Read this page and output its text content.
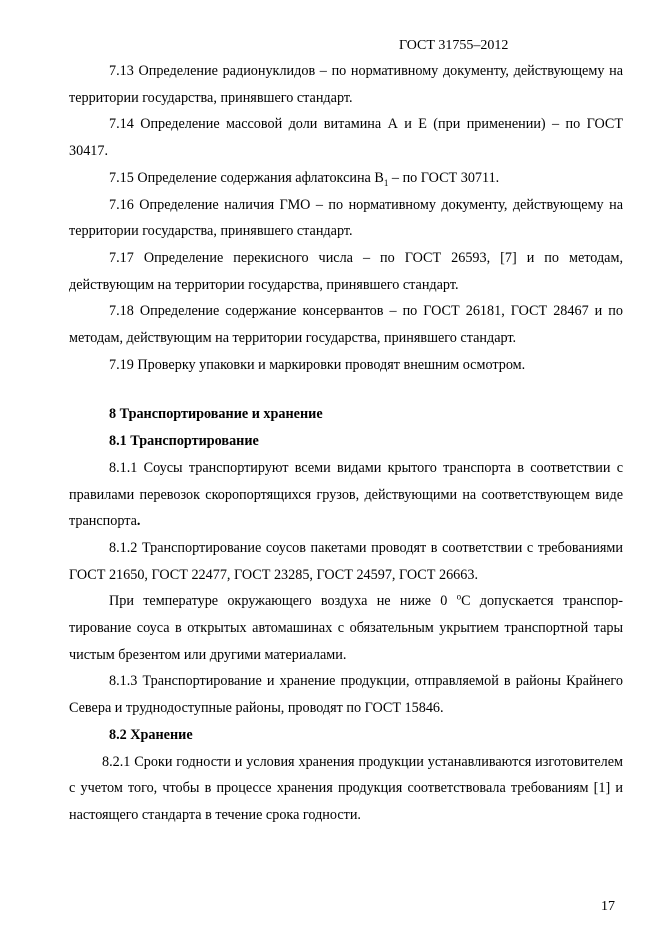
ГОСТ 31755–2012

7.13 Определение радионуклидов – по нормативному документу, действующему на территории государства, принявшего стандарт.

7.14 Определение массовой доли витамина А и Е (при применении) – по ГОСТ 30417.

7.15 Определение содержания афлатоксина $В_1$ – по ГОСТ 30711.

7.16 Определение наличия ГМО – по нормативному документу, действующему на территории государства, принявшего стандарт.

7.17 Определение перекисного числа – по ГОСТ 26593, [7] и по методам, действующим на территории государства, принявшего стандарт.

7.18 Определение содержание консервантов – по ГОСТ 26181, ГОСТ 28467 и по методам, действующим на территории государства, принявшего стандарт.

7.19 Проверку упаковки и маркировки проводят внешним осмотром.

8 Транспортирование и хранение
8.1 Транспортирование

8.1.1 Соусы транспортируют всеми видами крытого транспорта в соответствии с правилами перевозок скоропортящихся грузов, действующими на соответствующем виде транспорта.

8.1.2 Транспортирование соусов пакетами проводят в соответствии с требованиями ГОСТ 21650, ГОСТ 22477, ГОСТ 23285, ГОСТ 24597, ГОСТ 26663.

При температуре окружающего воздуха не ниже 0 $^о$С допускается транспор-тирование соуса в открытых автомашинах с обязательным укрытием транспортной тары чистым брезентом или другими материалами.

8.1.3 Транспортирование и хранение продукции, отправляемой в районы Крайнего Севера и труднодоступные районы, проводят по ГОСТ 15846.

8.2 Хранение

8.2.1 Сроки годности и условия хранения продукции устанавливаются изготовителем с учетом того, чтобы в процессе хранения продукция соответствовала требованиям [1] и настоящего стандарта в течение срока годности.

17
